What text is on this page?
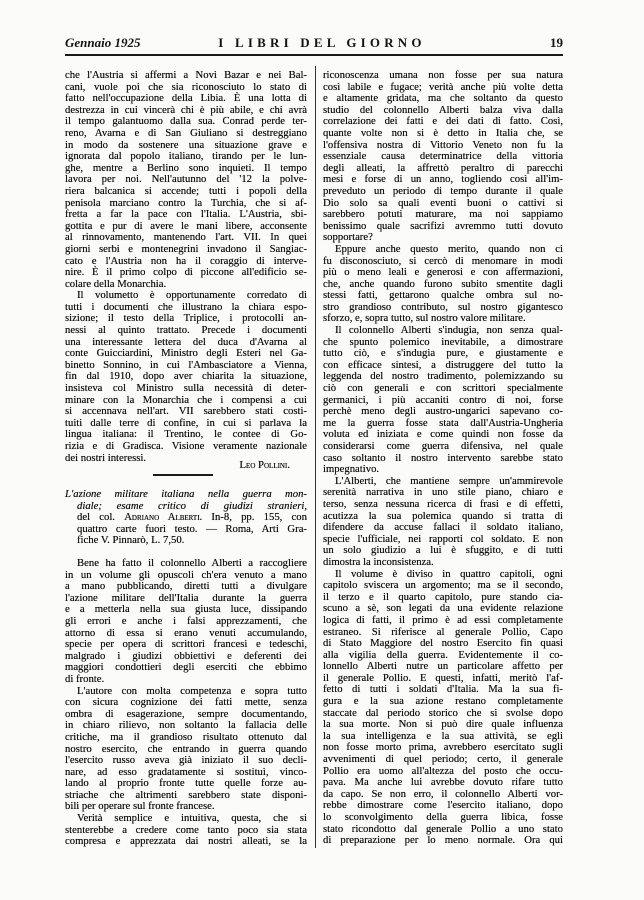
Gennaio 1925	I LIBRI DEL GIORNO	19
che l'Austria si affermi a Novi Bazar e nei Bal-
cani, vuole poi che sia riconosciuto lo stato di
fatto nell'occupazione della Libia. È una lotta di
destrezza in cui vincerà chi è più abile, e chi avrà
il tempo galantuomo dalla sua. Conrad perde ter-
reno, Avarna e di San Giuliano si destreggiano
in modo da sostenere una situazione grave e
ignorata dal popolo italiano, tirando per le lun-
ghe, mentre a Berlino sono inquieti. Il tempo
lavora per noi. Nell'autunno del '12 la polve-
riera balcanica si accende; tutti i popoli della
penisola marciano contro la Turchia, che si af-
fretta a far la pace con l'Italia. L'Austria, sbi-
gottita e pur di avere le mani libere, acconsente
al rinnovamento, mantenendo l'art. VII. In quei
giorni serbi e montenegrini invadono il Sangiac-
cato e l'Austria non ha il coraggio di interve-
nire. È il primo colpo di piccone all'edificio se-
colare della Monarchia.
Il volumetto è opportunamente corredato di
tutti i documenti che illustrano la chiara espo-
sizione; il testo della Triplice, i protocolli an-
nessi al quinto trattato. Precede i documenti
una interessante lettera del duca d'Avarna al
conte Guicciardini, Ministro degli Esteri nel Ga-
binetto Sonnino, in cui l'Ambasciatore a Vienna,
fin dal 1910, dopo aver chiarita la situazione,
insisteva col Ministro sulla necessità di deter-
minare con la Monarchia che i compensi a cui
si accennava nell'art. VII sarebbero stati costi-
tuiti dalle terre di confine, in cui si parlava la
lingua italiana: il Trentino, le contee di Go-
rizia e di Gradisca. Visione veramente nazionale
dei nostri interessi.
Leo Pollini.
L'azione militare italiana nella guerra mon-
diale; esame critico di giudizi stranieri,
del col. Adriano Alberti. In-8, pp. 155, con
quattro carte fuori testo. — Roma, Arti Gra-
fiche V. Pinnarò, L. 7,50.
Bene ha fatto il colonnello Alberti a raccogliere
in un volume gli opuscoli ch'era venuto a mano
a mano pubblicando, diretti tutti a divulgare
l'azione militare dell'Italia durante la guerra
e a metterla nella sua giusta luce, dissipando
gli errori e anche i falsi apprezzamenti, che
attorno di essa si erano venuti accumulando,
specie per opera di scrittori francesi e tedeschi,
malgrado i giudizi obbiettivi e deferenti dei
maggiori condottieri degli eserciti che ebbimo
di fronte.
L'autore con molta competenza e sopra tutto
con sicura cognizione dei fatti mette, senza
ombra di esagerazione, sempre documentando,
in chiaro rilievo, non soltanto la fallacia delle
critiche, ma il grandioso risultato ottenuto dal
nostro esercito, che entrando in guerra quando
l'esercito russo aveva già iniziato il suo decli-
nare, ad esso gradatamente si sostituì, vinco-
lando al proprio fronte tutte quelle forze au-
striache che altrimenti sarebbero state disponi-
bili per operare sul fronte francese.
Verità semplice e intuitiva, questa, che si
stenterebbe a credere come tanto poco sia stata
compresa e apprezzata dai nostri alleati, se la
riconoscenza umana non fosse per sua natura
così labile e fugace; verità anche più volte detta
e altamente gridata, ma che soltanto da questo
studio del colonnello Alberti balza viva dalla
correlazione dei fatti e dei dati di fatto. Così,
quante volte non si è detto in Italia che, se
l'offensiva nostra di Vittorio Veneto non fu la
essenziale causa determinatrice della vittoria
degli alleati, la affrettò peraltro di parecchi
mesi e forse di un anno, togliendo così all'im-
preveduto un periodo di tempo durante il quale
Dio solo sa quali eventi buoni o cattivi si
sarebbero potuti maturare, ma noi sappiamo
benissimo quale sacrifizi avremmo tutti dovuto
sopportare?
Eppure anche questo merito, quando non ci
fu disconosciuto, si cercò di menomare in modi
più o meno leali e generosi e con affermazioni,
che, anche quando furono subito smentite dagli
stessi fatti, gettarono qualche ombra sul no-
stro grandioso contributo, sul nostro gigantesco
sforzo, e, sopra tutto, sul nostro valore militare.
Il colonnello Alberti s'indugia, non senza qual-
che spunto polemico inevitabile, a dimostrare
tutto ciò, e s'indugia pure, e giustamente e
con efficace sintesi, a distruggere del tutto la
leggenda del nostro tradimento, polemizzando su
ciò con generali e con scrittori specialmente
germanici, i più accaniti contro di noi, forse
perchè meno degli austro-ungarici sapevano co-
me la guerra fosse stata dall'Austria-Ungheria
voluta ed iniziata e come quindi non fosse da
considerarsi come guerra difensiva, nel quale
caso soltanto il nostro intervento sarebbe stato
impegnativo.
L'Alberti, che mantiene sempre un'ammirevole
serenità narrativa in uno stile piano, chiaro e
terso, senza nessuna ricerca di frasi e di effetti,
acutizza la sua polemica quando si tratta di
difendere da accuse fallaci il soldato italiano,
specie l'ufficiale, nei rapporti col soldato. E non
un solo giudizio a lui è sfuggito, e di tutti
dimostra la inconsistenza.
Il volume è diviso in quattro capitoli, ogni
capitolo sviscera un argomento; ma se il secondo,
il terzo e il quarto capitolo, pure stando cia-
scuno a sè, son legati da una evidente relazione
logica di fatti, il primo è ad essi completamente
estraneo. Si riferisce al generale Pollio, Capo
di Stato Maggiore del nostro Esercito fin quasi
alla vigilia della guerra. Evidentemente il co-
lonnello Alberti nutre un particolare affetto per
il generale Pollio. E questi, infatti, meritò l'af-
fetto di tutti i soldati d'Italia. Ma la sua fi-
gura e la sua azione restano completamente
staccate dal periodo storico che si svolse dopo
la sua morte. Non si può dire quale influenza
la sua intelligenza e la sua attività, se egli
non fosse morto prima, avrebbero esercitato sugli
avvenimenti di quel periodo; certo, il generale
Pollio era uomo all'altezza del posto che occu-
pava. Ma anche lui avrebbe dovuto rifare tutto
da capo. Se non erro, il colonnello Alberti vor-
rebbe dimostrare come l'esercito italiano, dopo
lo sconvolgimento della guerra libica, fosse
stato ricondotto dal generale Pollio a uno stato
di preparazione per lo meno normale. Ora qui
